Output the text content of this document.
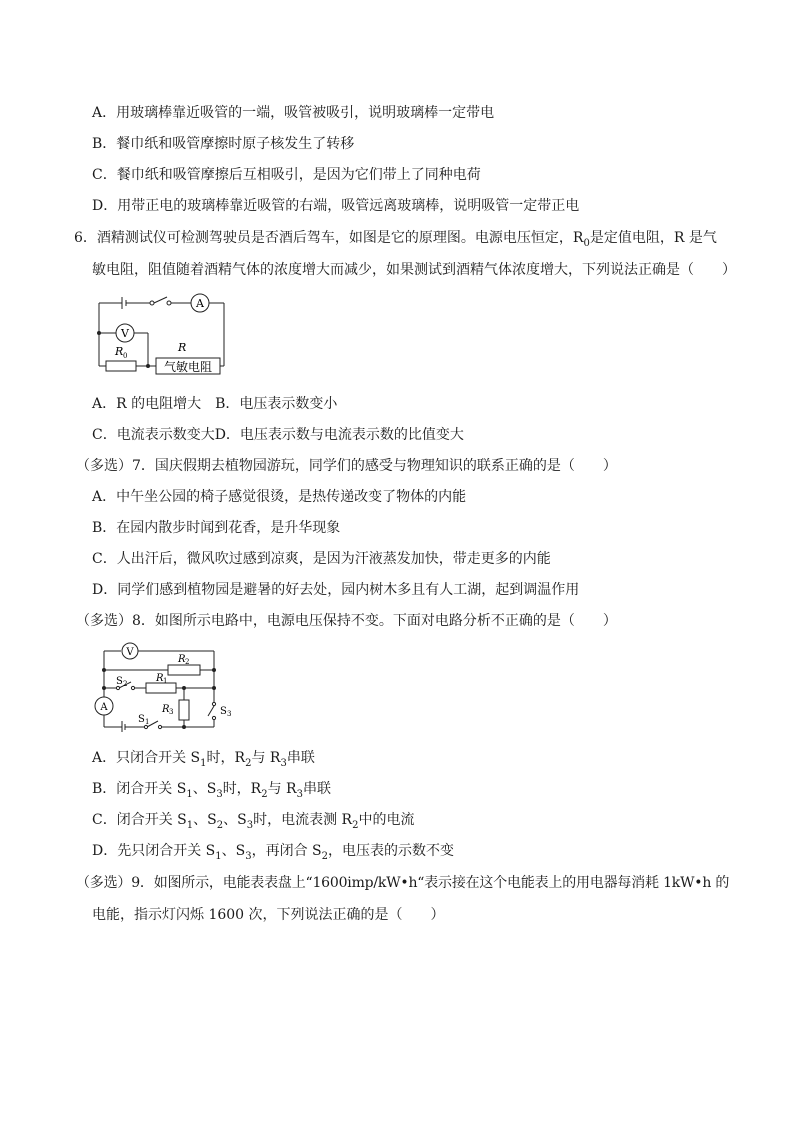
A．用玻璃棒靠近吸管的一端，吸管被吸引，说明玻璃棒一定带电
B．餐巾纸和吸管摩擦时原子核发生了转移
C．餐巾纸和吸管摩擦后互相吸引，是因为它们带上了同种电荷
D．用带正电的玻璃棒靠近吸管的右端，吸管远离玻璃棒，说明吸管一定带正电
6．酒精测试仪可检测驾驶员是否酒后驾车，如图是它的原理图。电源电压恒定，$R_0$是定值电阻，R 是气
敏电阻，阻值随着酒精气体的浓度增大而减少，如果测试到酒精气体浓度增大，下列说法正确是（　　）
A
V
R 0
R
气敏电阻
A．R 的电阻增大　B．电压表示数变小
C．电流表示数变大D．电压表示数与电流表示数的比值变大
（多选）7．国庆假期去植物园游玩，同学们的感受与物理知识的联系正确的是（　　）
A．中午坐公园的椅子感觉很烫，是热传递改变了物体的内能
B．在园内散步时闻到花香，是升华现象
C．人出汗后，微风吹过感到凉爽，是因为汗液蒸发加快，带走更多的内能
D．同学们感到植物园是避暑的好去处，园内树木多且有人工湖，起到调温作用
（多选）8．如图所示电路中，电源电压保持不变。下面对电路分析不正确的是（　　）
V
A
R 2
R 1
R 3
S 2
S 1
S 3
A．只闭合开关 $S_1$时，$R_2$与 $R_3$串联
B．闭合开关 $S_1$、$S_3$时，$R_2$与 $R_3$串联
C．闭合开关 $S_1$、$S_2$、$S_3$时，电流表测 $R_2$中的电流
D．先只闭合开关 $S_1$、$S_3$，再闭合 $S_2$，电压表的示数不变
（多选）9．如图所示，电能表表盘上“1600imp/kW•h“表示接在这个电能表上的用电器每消耗 1kW•h 的
电能，指示灯闪烁 1600 次，下列说法正确的是（　　）
